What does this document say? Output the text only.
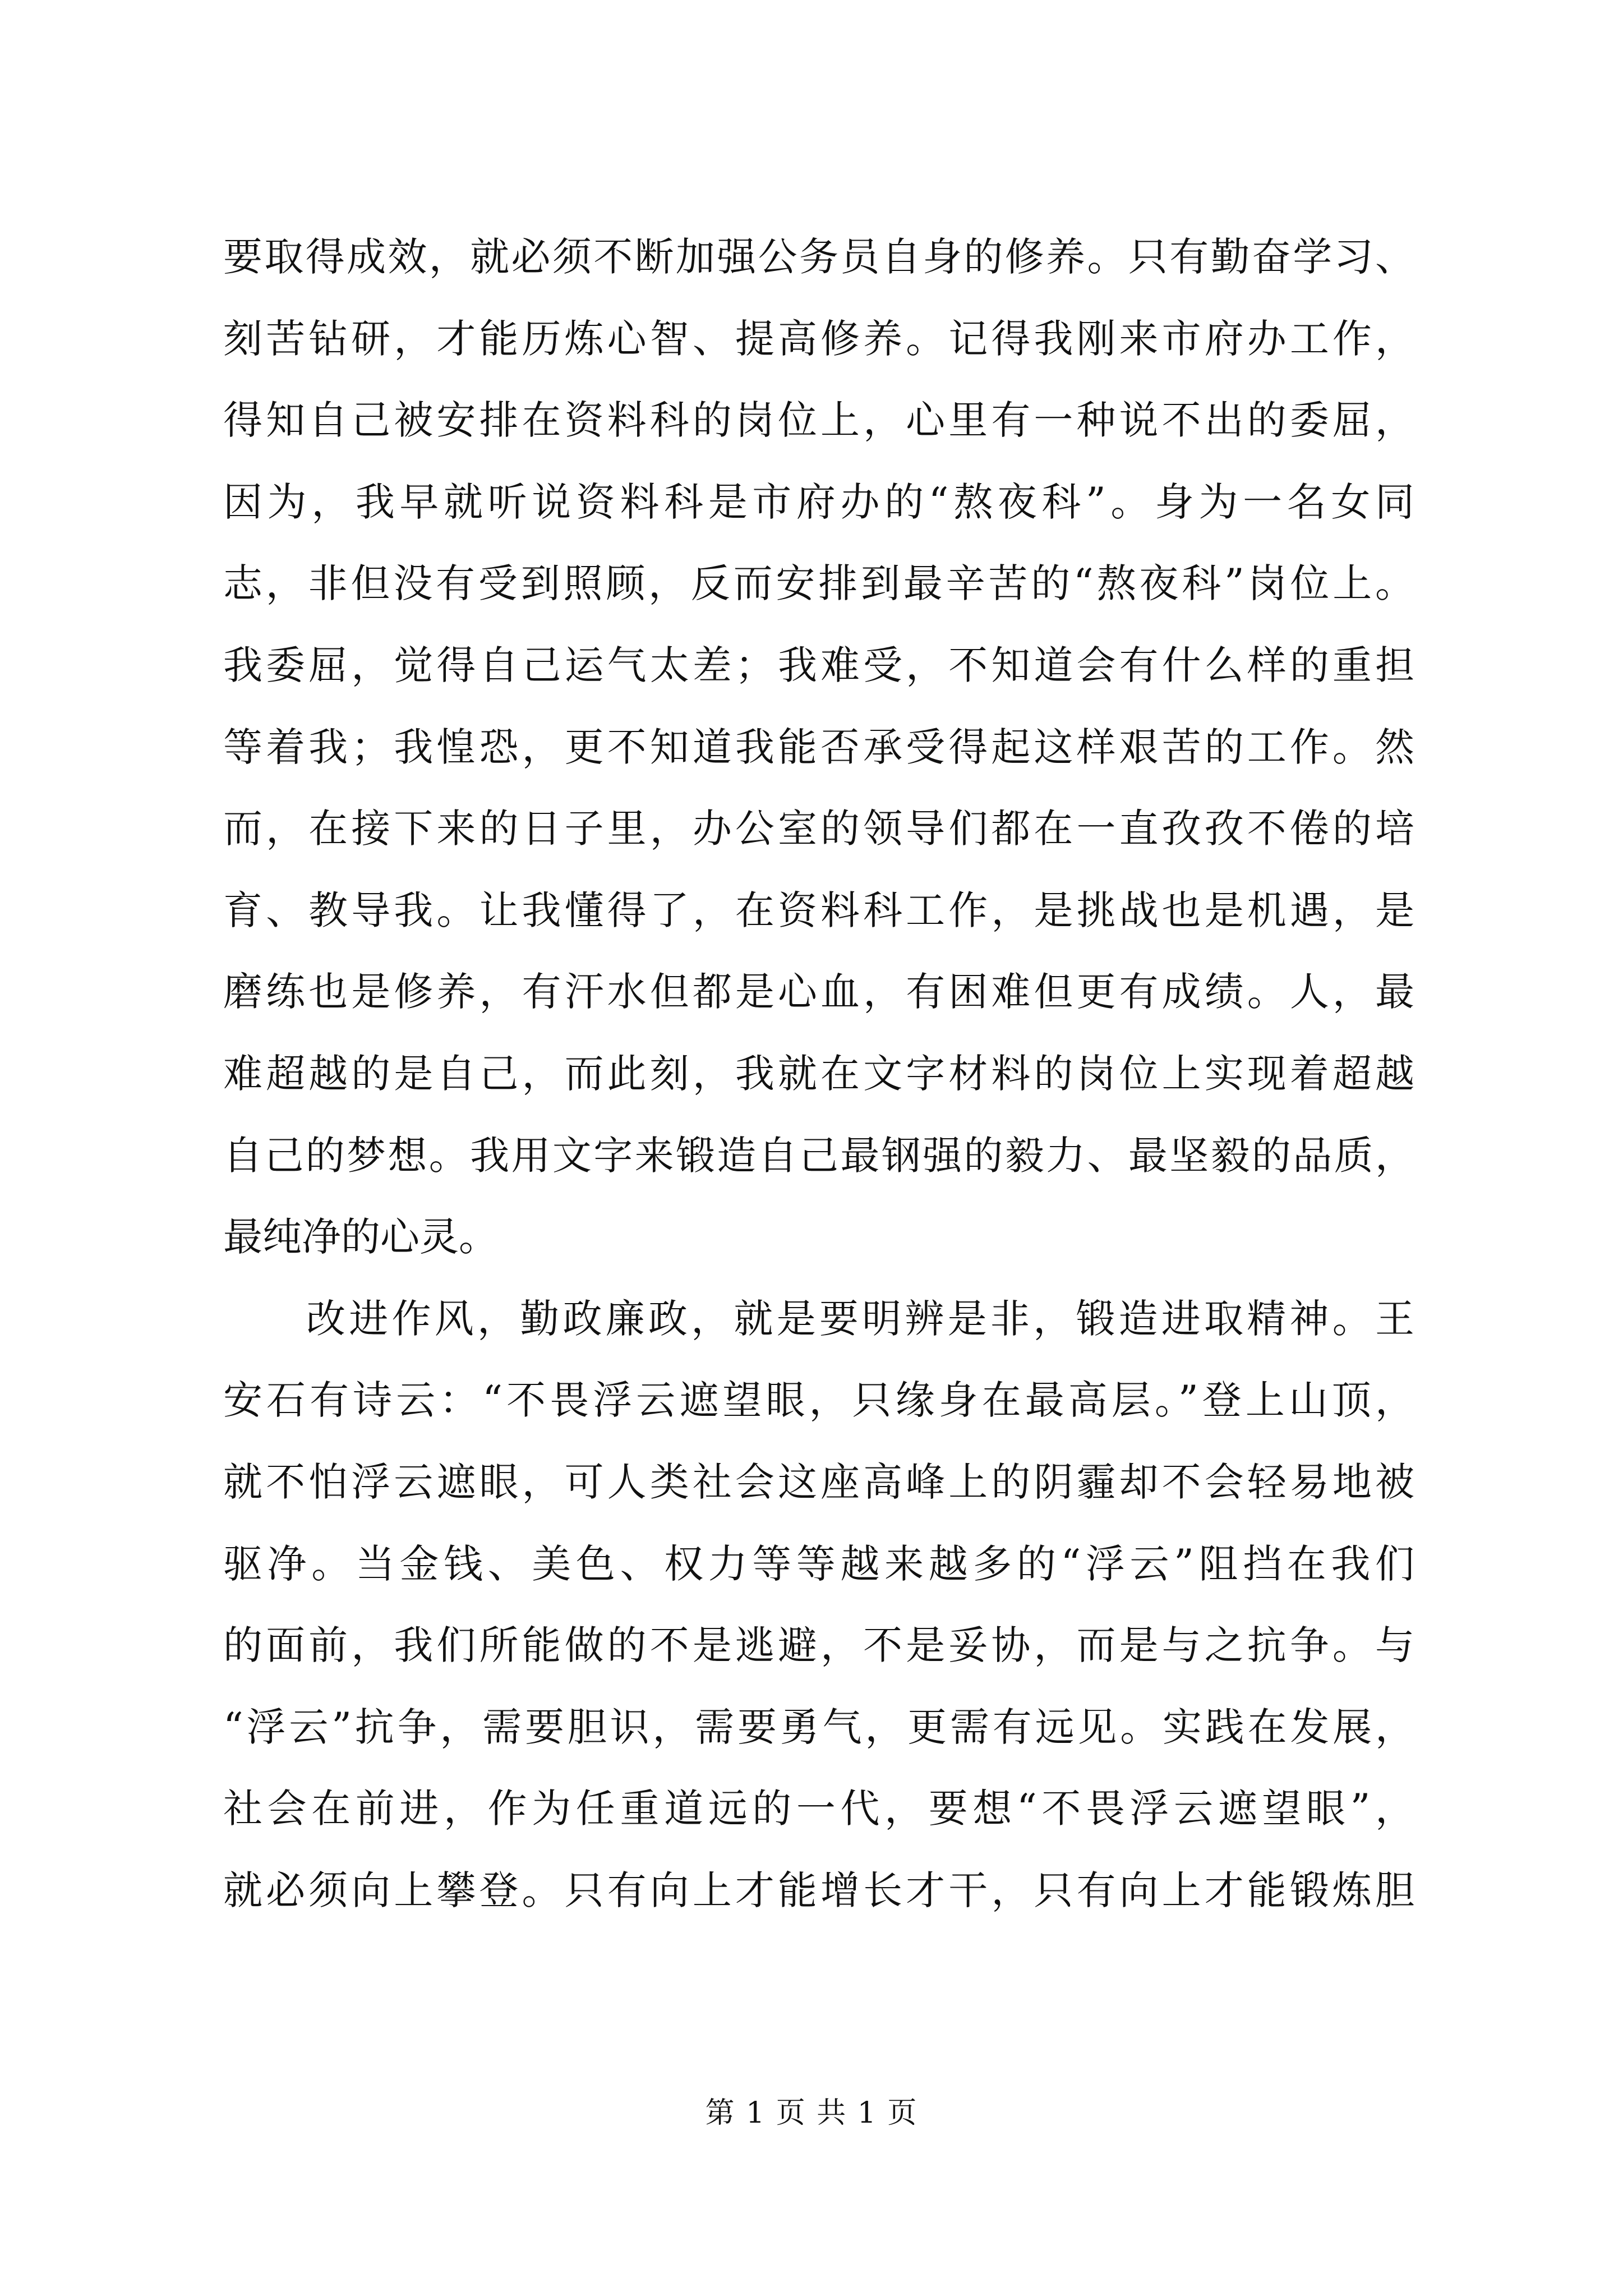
要取得成效，就必须不断加强公务员自身的修养。只有勤奋学习、
刻苦钻研，才能历炼心智、提高修养。记得我刚来市府办工作，
得知自己被安排在资料科的岗位上，心里有一种说不出的委屈，
因为，我早就听说资料科是市府办的“熬夜科”。身为一名女同
志，非但没有受到照顾，反而安排到最辛苦的“熬夜科”岗位上。
我委屈，觉得自己运气太差；我难受，不知道会有什么样的重担
等着我；我惶恐，更不知道我能否承受得起这样艰苦的工作。然
而，在接下来的日子里，办公室的领导们都在一直孜孜不倦的培
育、教导我。让我懂得了，在资料科工作，是挑战也是机遇，是
磨练也是修养，有汗水但都是心血，有困难但更有成绩。人，最
难超越的是自己，而此刻，我就在文字材料的岗位上实现着超越
自己的梦想。我用文字来锻造自己最钢强的毅力、最坚毅的品质，
最纯净的心灵。
改进作风，勤政廉政，就是要明辨是非，锻造进取精神。王
安石有诗云：“不畏浮云遮望眼，只缘身在最高层。”登上山顶，
就不怕浮云遮眼，可人类社会这座高峰上的阴霾却不会轻易地被
驱净。当金钱、美色、权力等等越来越多的“浮云”阻挡在我们
的面前，我们所能做的不是逃避，不是妥协，而是与之抗争。与
“浮云”抗争，需要胆识，需要勇气，更需有远见。实践在发展，
社会在前进，作为任重道远的一代，要想“不畏浮云遮望眼”，
就必须向上攀登。只有向上才能增长才干，只有向上才能锻炼胆
第 1 页 共 1 页
